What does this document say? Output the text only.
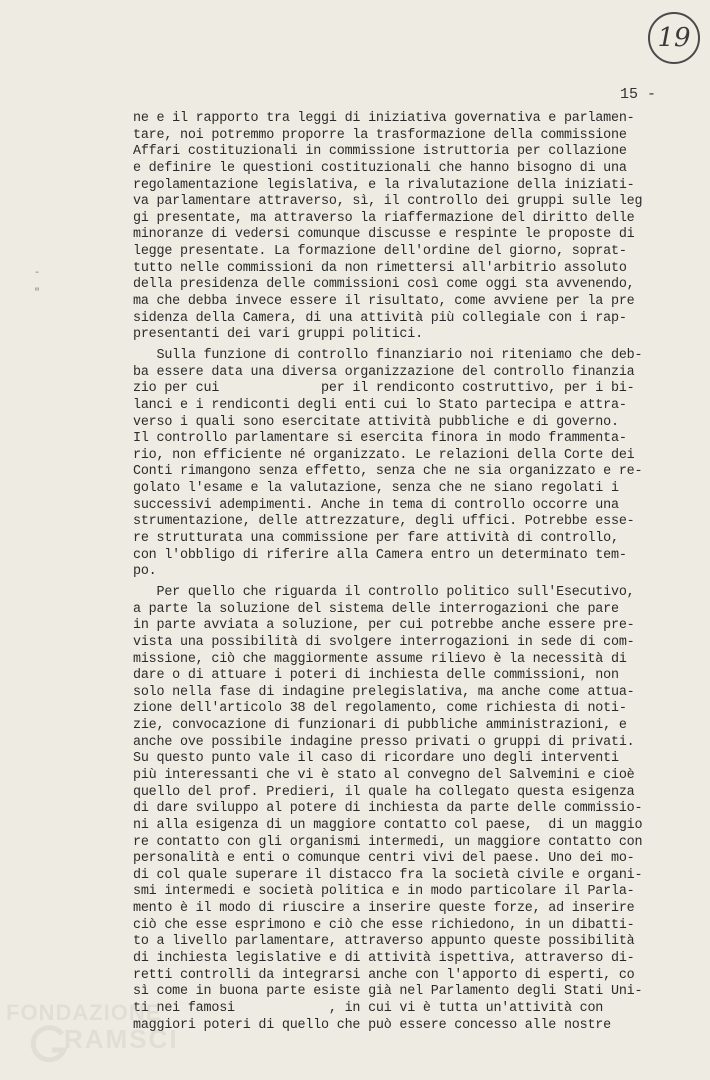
19
15 -
-
"
ne e il rapporto tra leggi di iniziativa governativa e parlamen-
tare, noi potremmo proporre la trasformazione della commissione
Affari costituzionali in commissione istruttoria per collazione
e definire le questioni costituzionali che hanno bisogno di una
regolamentazione legislativa, e la rivalutazione della iniziati-
va parlamentare attraverso, sì, il controllo dei gruppi sulle leg
gi presentate, ma attraverso la riaffermazione del diritto delle
minoranze di vedersi comunque discusse e respinte le proposte di
legge presentate. La formazione dell'ordine del giorno, soprat-
tutto nelle commissioni da non rimettersi all'arbitrio assoluto
della presidenza delle commissioni così come oggi sta avvenendo,
ma che debba invece essere il risultato, come avviene per la pre
sidenza della Camera, di una attività più collegiale con i rap-
presentanti dei vari gruppi politici.
Sulla funzione di controllo finanziario noi riteniamo che deb-
ba essere data una diversa organizzazione del controllo finanzia
zio per cui             per il rendiconto costruttivo, per i bi-
lanci e i rendiconti degli enti cui lo Stato partecipa e attra-
verso i quali sono esercitate attività pubbliche e di governo.
Il controllo parlamentare si esercita finora in modo frammenta-
rio, non efficiente né organizzato. Le relazioni della Corte dei
Conti rimangono senza effetto, senza che ne sia organizzato e re-
golato l'esame e la valutazione, senza che ne siano regolati i
successivi adempimenti. Anche in tema di controllo occorre una
strumentazione, delle attrezzature, degli uffici. Potrebbe esse-
re strutturata una commissione per fare attività di controllo,
con l'obbligo di riferire alla Camera entro un determinato tem-
po.
Per quello che riguarda il controllo politico sull'Esecutivo,
a parte la soluzione del sistema delle interrogazioni che pare
in parte avviata a soluzione, per cui potrebbe anche essere pre-
vista una possibilità di svolgere interrogazioni in sede di com-
missione, ciò che maggiormente assume rilievo è la necessità di
dare o di attuare i poteri di inchiesta delle commissioni, non
solo nella fase di indagine prelegislativa, ma anche come attua-
zione dell'articolo 38 del regolamento, come richiesta di noti-
zie, convocazione di funzionari di pubbliche amministrazioni, e
anche ove possibile indagine presso privati o gruppi di privati.
Su questo punto vale il caso di ricordare uno degli interventi
più interessanti che vi è stato al convegno del Salvemini e cioè
quello del prof. Predieri, il quale ha collegato questa esigenza
di dare sviluppo al potere di inchiesta da parte delle commissio-
ni alla esigenza di un maggiore contatto col paese,  di un maggio
re contatto con gli organismi intermedi, un maggiore contatto con
personalità e enti o comunque centri vivi del paese. Uno dei mo-
di col quale superare il distacco fra la società civile e organi-
smi intermedi e società politica e in modo particolare il Parla-
mento è il modo di riuscire a inserire queste forze, ad inserire
ciò che esse esprimono e ciò che esse richiedono, in un dibatti-
to a livello parlamentare, attraverso appunto queste possibilità
di inchiesta legislative e di attività ispettiva, attraverso di-
retti controlli da integrarsi anche con l'apporto di esperti, co
sì come in buona parte esiste già nel Parlamento degli Stati Uni-
ti nei famosi            , in cui vi è tutta un'attività con
maggiori poteri di quello che può essere concesso alle nostre
FONDAZIONE
RAMSCI
